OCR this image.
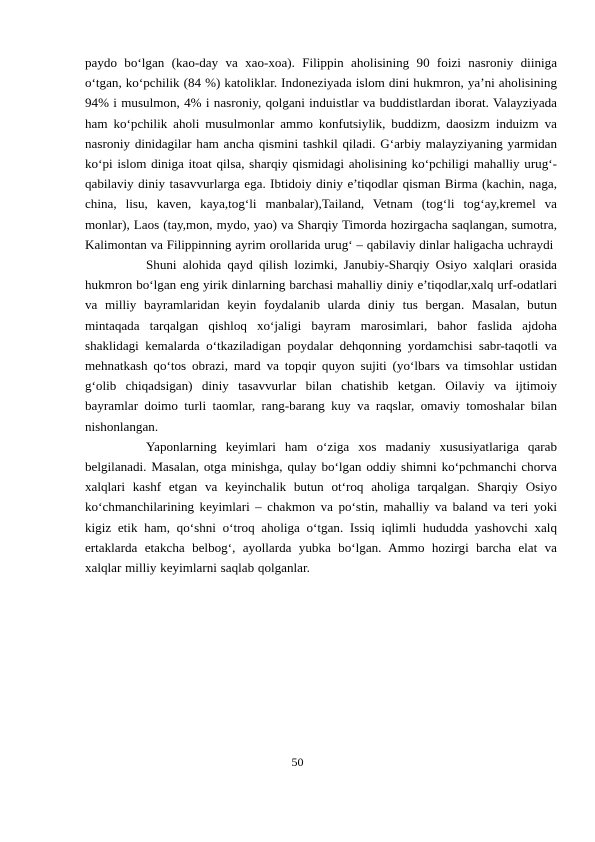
paydo bo‘lgan (kao-day va xao-xoa). Filippin aholisining 90 foizi nasroniy diiniga o‘tgan, ko‘pchilik (84 %) katoliklar. Indoneziyada islom dini hukmron, ya’ni aholisining 94% i musulmon, 4% i nasroniy, qolgani induistlar va buddistlardan iborat. Valayziyada ham ko‘pchilik aholi musulmonlar ammo konfutsiylik, buddizm, daosizm induizm va nasroniy dinidagilar ham ancha qismini tashkil qiladi. G‘arbiy malayziyaning yarmidan ko‘pi islom diniga itoat qilsa, sharqiy qismidagi aholisining ko‘pchiligi mahalliy urug‘-qabilaviy diniy tasavvurlarga ega. Ibtidoiy diniy e’tiqodlar qisman Birma (kachin, naga, china, lisu, kaven, kaya,tog‘li manbalar),Tailand, Vetnam (tog‘li tog‘ay,kremel va monlar), Laos (tay,mon, mydo, yao) va Sharqiy Timorda hozirgacha saqlangan, sumotra, Kalimontan va Filippinning ayrim orollarida urug‘ – qabilaviy dinlar haligacha uchraydi

Shuni alohida qayd qilish lozimki, Janubiy-Sharqiy Osiyo xalqlari orasida hukmron bo‘lgan eng yirik dinlarning barchasi mahalliy diniy e’tiqodlar,xalq urf-odatlari va milliy bayramlaridan keyin foydalanib ularda diniy tus bergan. Masalan, butun mintaqada tarqalgan qishloq xo‘jaligi bayram marosimlari, bahor faslida ajdoha shaklidagi kemalarda o‘tkaziladigan poydalar dehqonning yordamchisi sabr-taqotli va mehnatkash qo‘tos obrazi, mard va topqir quyon sujiti (yo‘lbars va timsohlar ustidan g‘olib chiqadsigan) diniy tasavvurlar bilan chatishib ketgan. Oilaviy va ijtimoiy bayramlar doimo turli taomlar, rang-barang kuy va raqslar, omaviy tomoshalar bilan nishonlangan.

Yaponlarning keyimlari ham o‘ziga xos madaniy xususiyatlariga qarab belgilanadi. Masalan, otga minishga, qulay bo‘lgan oddiy shimni ko‘pchmanchi chorva xalqlari kashf etgan va keyinchalik butun ot‘roq aholiga tarqalgan. Sharqiy Osiyo ko‘chmanchilarining keyimlari – chakmon va po‘stin, mahalliy va baland va teri yoki kigiz etik ham, qo‘shni o‘troq aholiga o‘tgan. Issiq iqlimli hududda yashovchi xalq ertaklarda etakcha belbog‘, ayollarda yubka bo‘lgan. Ammo hozirgi barcha elat va xalqlar milliy keyimlarni saqlab qolganlar.

50
